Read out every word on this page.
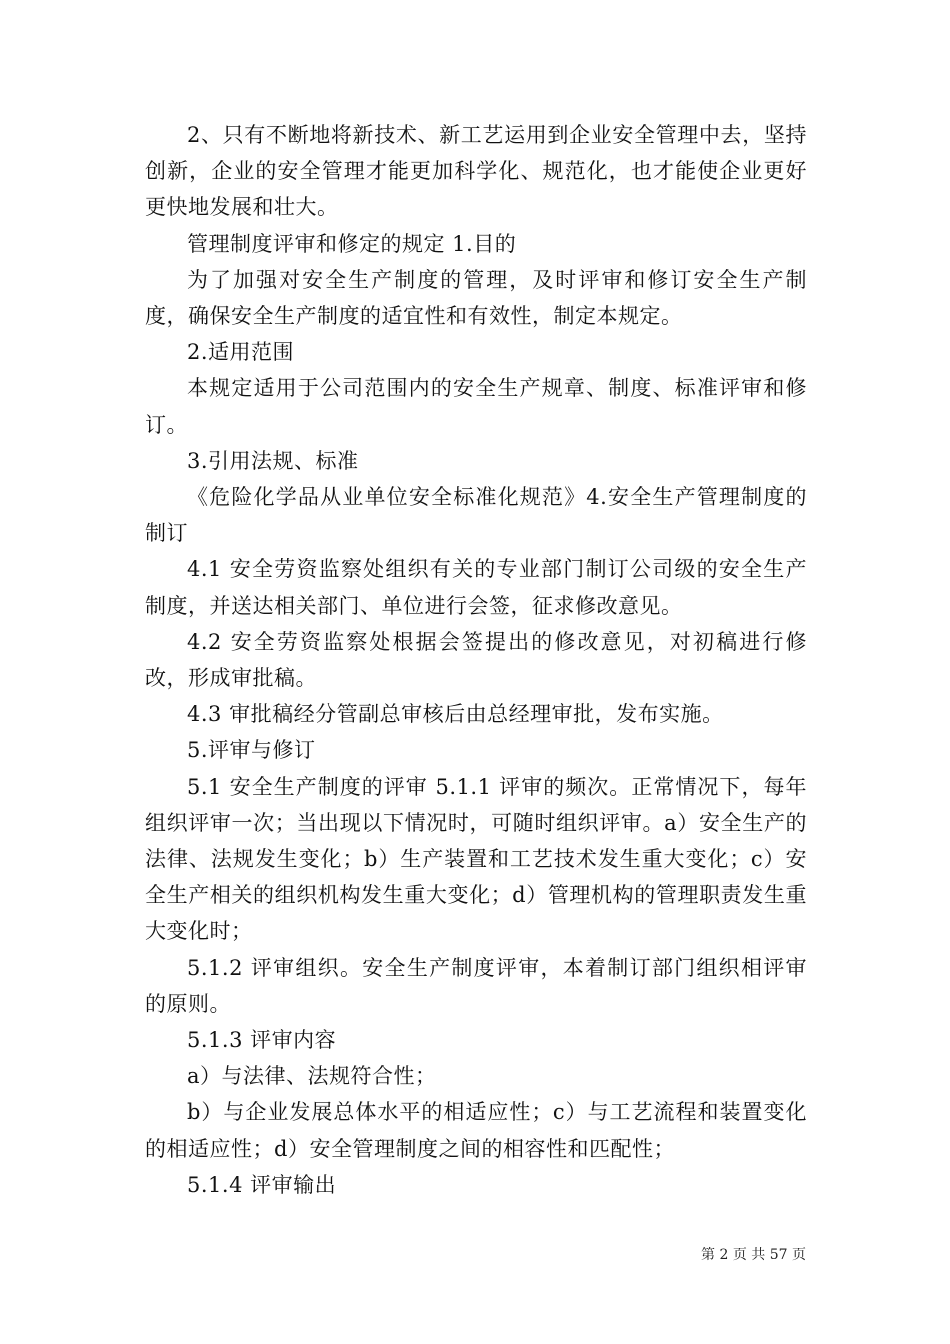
2、只有不断地将新技术、新工艺运用到企业安全管理中去，坚持创新，企业的安全管理才能更加科学化、规范化，也才能使企业更好更快地发展和壮大。

管理制度评审和修定的规定 1.目的

为了加强对安全生产制度的管理，及时评审和修订安全生产制度，确保安全生产制度的适宜性和有效性，制定本规定。

2.适用范围

本规定适用于公司范围内的安全生产规章、制度、标准评审和修订。

3.引用法规、标准

《危险化学品从业单位安全标准化规范》4.安全生产管理制度的制订

4.1 安全劳资监察处组织有关的专业部门制订公司级的安全生产制度，并送达相关部门、单位进行会签，征求修改意见。

4.2 安全劳资监察处根据会签提出的修改意见，对初稿进行修改，形成审批稿。

4.3 审批稿经分管副总审核后由总经理审批，发布实施。

5.评审与修订

5.1 安全生产制度的评审 5.1.1 评审的频次。正常情况下，每年组织评审一次；当出现以下情况时，可随时组织评审。a）安全生产的法律、法规发生变化；b）生产装置和工艺技术发生重大变化；c）安全生产相关的组织机构发生重大变化；d）管理机构的管理职责发生重大变化时；

5.1.2 评审组织。安全生产制度评审，本着制订部门组织相评审的原则。

5.1.3 评审内容

a）与法律、法规符合性；

b）与企业发展总体水平的相适应性；c）与工艺流程和装置变化的相适应性；d）安全管理制度之间的相容性和匹配性；

5.1.4 评审输出

第 2 页 共 57 页
